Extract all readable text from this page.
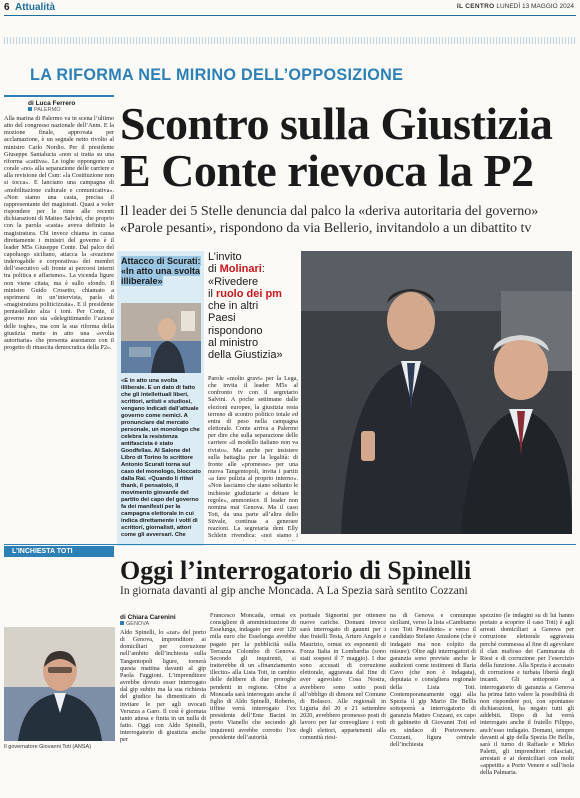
6 Attualità	IL CENTRO LUNEDÌ 13 MAGGIO 2024
LA RIFORMA NEL MIRINO DELL’OPPOSIZIONE
di Luca Ferrero
PALERMO Scontro sulla Giustizia
E Conte rievoca la P2
Il leader dei 5 Stelle denuncia dal palco la «deriva autoritaria del governo» «Parole pesanti», rispondono da via Bellerio, invitandolo a un dibattito tv
Alla marina di Palermo va in scena l’ultimo atto del congresso nazionale dell’Anm. E la mozione finale, approvata per acclamazione, è un segnale netto rivolto al ministro Carlo Nordio. Per il presidente Giuseppe Santalucia «non si tratta su una riforma «cattiva». Le toghe oppongono un corale «no» alla separazione delle carriere e alla revisione del Csm: «la Costituzione non si tocca». E lanciano una campagna di «mobilitazione culturale e comunicativa». «Non siamo una casta, precisa il rappresentante dei magistrati. Quasi a voler rispondere per le rime alle recenti dichiarazioni di Matteo Salvini, che proprio con la parola «casta» aveva definito la magistratura. Chi invece chiama in causa direttamente i ministri del governo è il leader M5s Giuseppe Conte. Dal palco del capoluogo siciliano, attacca la «reazione inderogabile e corporativa» dei membri dell’esecutivo «di fronte ai percorsi interni tra politica e affarismo». La vicenda ligure non viene citata, ma è sullo sfondo. Il ministro Guido Crosetto, chiamato a esprimersi in un’intervista, parla di «magistratura politicizzata». E il presidente pentastellato alza i toni. Per Conte, il governo non sta «delegittimando l’azione delle toghe», ma con la sua riforma della giustizia mette in atto una «svolta autoritaria» che presenta assonanze con il progetto di rinascita democratica della P2».
Attacco di Scurati: «In atto una svolta illiberale»
«È in atto una svolta illiberale. E un dato di fatto che gli intellettuali liberi, scrittori, artisti e studiosi, vengano indicati dall’attuale governo come nemici. A pronunciare dal mercato personale, un monologo che celebra la resistenza antifascista è stato Goodfellas. Al Salone del Libro di Torino lo scrittore Antonio Scurati torna sul caso del monologo, bloccato dalla Rai. «Quando li ritiwi thank, il pensatoio, il movimento giovanile del partito dei capo del governo fa dei manifesti per la campagna elettorale in cui indica direttamente i volti di scrittori, giornalisti, attori come gli avversari. Che
L’invito
di Molinari:
«Rivedere
il ruolo dei pm
che in altri
Paesi
rispondono
al ministro
della Giustizia»
Parole «molto gravi» per la Lega, che invita il leader M5s al confronto tv con il segretario Salvini. A poche settimane dalle elezioni europee, la giustizia resta terreno di scontro politico totale ed entra di peso nella campagna elettorale. Conte arriva a Palermo per dire che sulla separazione delle carriere «il modello italiano non va rivisto». Ma anche per insistere sulla battaglia per la legalità: di fronte alle «promesse» per una nuova Tangentopoli, invita i partiti «a fare pulizia al proprio interno». «Non lasciamo che siano soltanto le inchieste giudiziarie a dettare le regole», ammonisce. Il leader non nomina mai Genova. Ma il caso Toti, da una parte all’altra dello Stivale, continua a generare reazioni. La segretaria dem Elly Schlein rivendica: «noi siamo i
L’INCHIESTA TOTI
Oggi l’interrogatorio di Spinelli
In giornata davanti al gip anche Moncada. A La Spezia sarà sentito Cozzani
Il governatore Giovanni Toti (ANSA)
di Chiara Carenini
GENOVA
Aldo Spinelli, lo «zar» del porto di Genova, imprenditore ai domiciliari per corruzione nell’ambito dell’inchiesta sulla Tangentopoli ligure, tornerà questa mattina davanti al gip Paola Faggioni. L’imprenditore avrebbe dovuto esser interrogato dal gip subito ma la sua richiesta del giudice ha dimenticato di invitare le per agli uvocati Veruzza a Garo. Il così è giornata tanto attesa e finita in un nulla di fatto. Oggi con Aldo Spinelli, interrogatorio di giustizia anche per
Francesco Moncada, ormai ex consigliere di amministrazione di Esselunga, indagato per aver 120 mila euro che Esselunga avrebbe pagato per la pubblicità sulla Terrazza Colombo di Genova. Secondo gli inquirenti, si tratterebbe di un «finanziamento illecito» alla Lista Toti, in cambio delle delibere di due proroghe pendenti in regione. Oltre a Moncada sarà interrogato anche il figlio di Aldo Spinelli, Roberto, tiffine verrà interrogato l’ex presidente dell’Ente Bacini in porto Vianello che secondo gli inquirenti avrebbe corrotto l’ex presidente dell’autorità
portuale Signorini per ottenere nuove cariche. Domani invece sarà interrogato di gaunni per i due fratelli Testa, Arturo Angelo e Maurizio, ormai ex esponenti di Forza Italia in Lombardia (sono stati sospesi il 7 maggio). I due sono accusati di corruzione elettorale, aggravata dal fine di aver agevolato Cosa Nostra, avrebbero sono sotto posti all’obbligo di dimora nel Comune di Bolasco. Alle regionali in Liguria del 20 e 21 settembre 2020, avrebbero promesso posti di lavoro per far convogliare i voti degli elettori, appartenenti alla comunità riesi-
na di Genova e comunque siciliani, verso la lista «Cambiamo con Toti Presidente» e verso il candidato Stefano Anzalone (che è indagato ma non colpito da misure). Oltre agli interrogatori di garanzia sono previste anche le audizioni come testimoni di Ilaria Cavo (che non è indagata), deputata e consigliera regionale della Lista Toti. Contemporaneamente oggi alla Spezia il gip Mario De Bellis sottoporrà a interrogatorio di garanzia Matteo Cozzani, ex capo di gabinetto di Giovanni Toti ed ex sindaco di Portovenere. Cozzani, figura centrale dell’inchiesta
spezzino (le indagini su di lui hanno portato a scoprire il caso Toti) è agli arresti domiciliari a Genova per corruzione elettorale aggravata perché commessa al fine di agevolare il clan mafioso dei Cammarata di Riesi e di corruzione per l’esercizio della funzione. Alla Spezia è accusato di corruzione e turbata libertà degli incanti. Gli sottoposto a interrogatorio di garanzia a Genova ha prima fatto valere la possibilità di non rispondere poi, con spontanee dichiarazioni, ha negato tutti gli addebiti. Dopo di lui verrà interrogato anche il fratello Filippo, anch’esso indagato. Domani, sempre davanti al gip della Spezia De Bellis, sarà il turno di Raffaele e Mirko Paletti, gli imprenditori rilasciati, arrestati e ai domiciliari con molti «appetiti» a Porto Venere e sull’isola della Palmaria.
